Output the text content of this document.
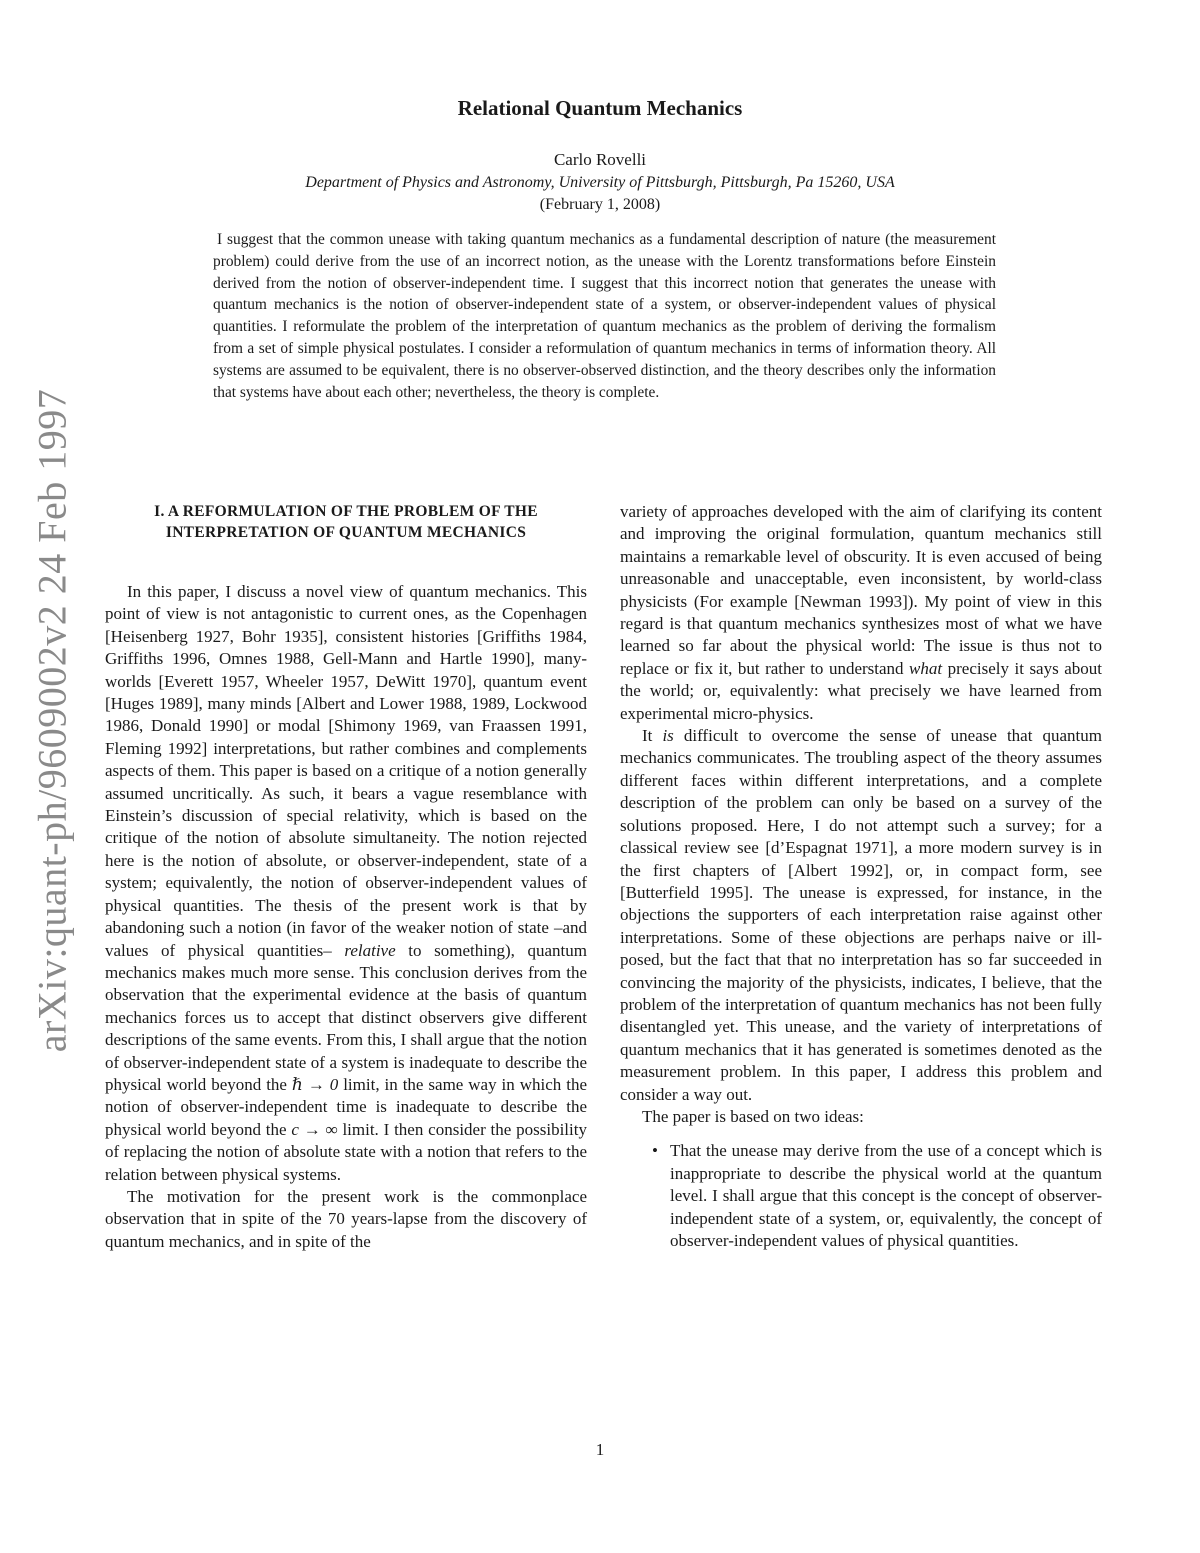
arXiv:quant-ph/9609002v2 24 Feb 1997
Relational Quantum Mechanics
Carlo Rovelli
Department of Physics and Astronomy, University of Pittsburgh, Pittsburgh, Pa 15260, USA
(February 1, 2008)

I suggest that the common unease with taking quantum mechanics as a fundamental description of nature (the measurement problem) could derive from the use of an incorrect notion, as the unease with the Lorentz transformations before Einstein derived from the notion of observer-independent time. I suggest that this incorrect notion that generates the unease with quantum mechanics is the notion of observer-independent state of a system, or observer-independent values of physical quantities. I reformulate the problem of the interpretation of quantum mechanics as the problem of deriving the formalism from a set of simple physical postulates. I consider a reformulation of quantum mechanics in terms of information theory. All systems are assumed to be equivalent, there is no observer-observed distinction, and the theory describes only the information that systems have about each other; nevertheless, the theory is complete.

I. A REFORMULATION OF THE PROBLEM OF THE INTERPRETATION OF QUANTUM MECHANICS

In this paper, I discuss a novel view of quantum mechanics. This point of view is not antagonistic to current ones, as the Copenhagen [Heisenberg 1927, Bohr 1935], consistent histories [Griffiths 1984, Griffiths 1996, Omnes 1988, Gell-Mann and Hartle 1990], many-worlds [Everett 1957, Wheeler 1957, DeWitt 1970], quantum event [Huges 1989], many minds [Albert and Lower 1988, 1989, Lockwood 1986, Donald 1990] or modal [Shimony 1969, van Fraassen 1991, Fleming 1992] interpretations, but rather combines and complements aspects of them. This paper is based on a critique of a notion generally assumed uncritically. As such, it bears a vague resemblance with Einstein’s discussion of special relativity, which is based on the critique of the notion of absolute simultaneity. The notion rejected here is the notion of absolute, or observer-independent, state of a system; equivalently, the notion of observer-independent values of physical quantities. The thesis of the present work is that by abandoning such a notion (in favor of the weaker notion of state –and values of physical quantities– relative to something), quantum mechanics makes much more sense. This conclusion derives from the observation that the experimental evidence at the basis of quantum mechanics forces us to accept that distinct observers give different descriptions of the same events. From this, I shall argue that the notion of observer-independent state of a system is inadequate to describe the physical world beyond the ℏ → 0 limit, in the same way in which the notion of observer-independent time is inadequate to describe the physical world beyond the c → ∞ limit. I then consider the possibility of replacing the notion of absolute state with a notion that refers to the relation between physical systems.

The motivation for the present work is the commonplace observation that in spite of the 70 years-lapse from the discovery of quantum mechanics, and in spite of the

variety of approaches developed with the aim of clarifying its content and improving the original formulation, quantum mechanics still maintains a remarkable level of obscurity. It is even accused of being unreasonable and unacceptable, even inconsistent, by world-class physicists (For example [Newman 1993]). My point of view in this regard is that quantum mechanics synthesizes most of what we have learned so far about the physical world: The issue is thus not to replace or fix it, but rather to understand what precisely it says about the world; or, equivalently: what precisely we have learned from experimental micro-physics.

It is difficult to overcome the sense of unease that quantum mechanics communicates. The troubling aspect of the theory assumes different faces within different interpretations, and a complete description of the problem can only be based on a survey of the solutions proposed. Here, I do not attempt such a survey; for a classical review see [d’Espagnat 1971], a more modern survey is in the first chapters of [Albert 1992], or, in compact form, see [Butterfield 1995]. The unease is expressed, for instance, in the objections the supporters of each interpretation raise against other interpretations. Some of these objections are perhaps naive or ill-posed, but the fact that that no interpretation has so far succeeded in convincing the majority of the physicists, indicates, I believe, that the problem of the interpretation of quantum mechanics has not been fully disentangled yet. This unease, and the variety of interpretations of quantum mechanics that it has generated is sometimes denoted as the measurement problem. In this paper, I address this problem and consider a way out.

The paper is based on two ideas:

• That the unease may derive from the use of a concept which is inappropriate to describe the physical world at the quantum level. I shall argue that this concept is the concept of observer-independent state of a system, or, equivalently, the concept of observer-independent values of physical quantities.
1
